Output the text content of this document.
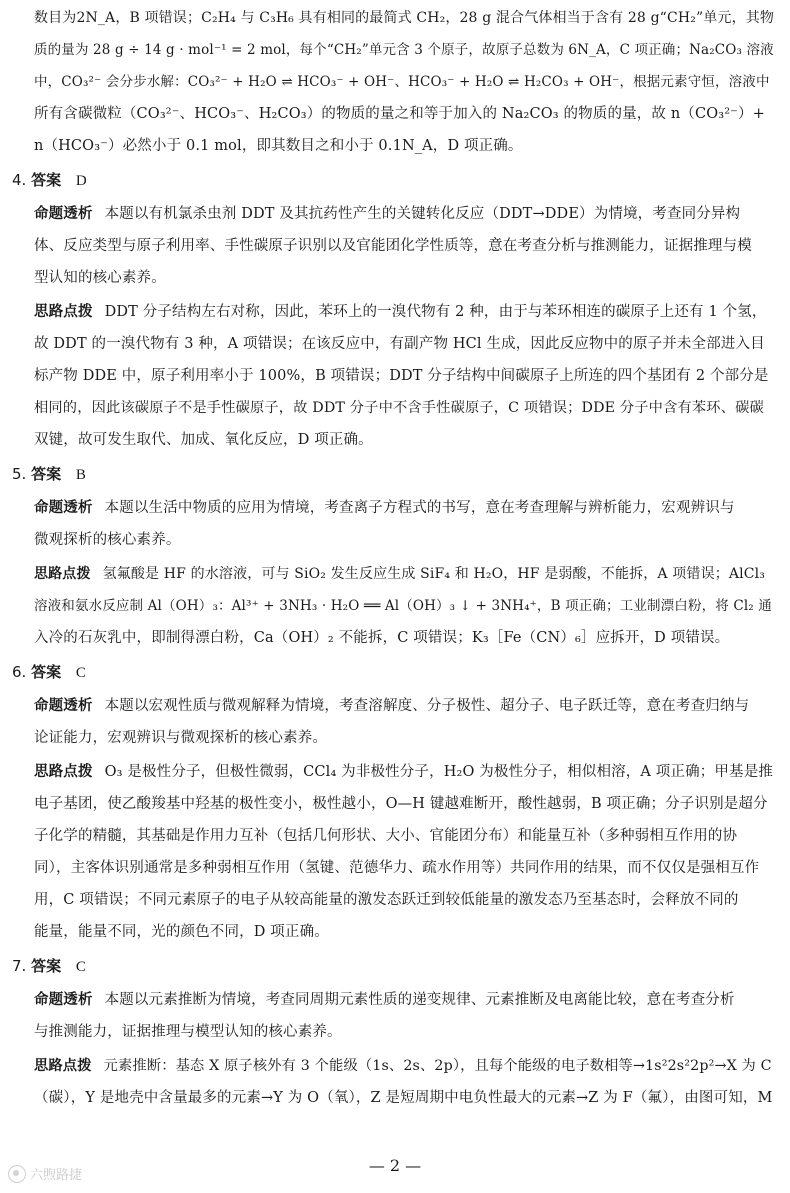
数目为2N_A，B 项错误；C₂H₄ 与 C₃H₆ 具有相同的最简式 CH₂，28 g 混合气体相当于含有 28 g“CH₂”单元，其物
质的量为 28 g ÷ 14 g · mol⁻¹ = 2 mol，每个“CH₂”单元含 3 个原子，故原子总数为 6N_A，C 项正确；Na₂CO₃ 溶液
中，CO₃²⁻ 会分步水解：CO₃²⁻ + H₂O ⇌ HCO₃⁻ + OH⁻、HCO₃⁻ + H₂O ⇌ H₂CO₃ + OH⁻，根据元素守恒，溶液中
所有含碳微粒（CO₃²⁻、HCO₃⁻、H₂CO₃）的物质的量之和等于加入的 Na₂CO₃ 的物质的量，故 n（CO₃²⁻）+
n（HCO₃⁻）必然小于 0.1 mol，即其数目之和小于 0.1N_A，D 项正确。
4. 答案 D
命题透析 本题以有机氯杀虫剂 DDT 及其抗药性产生的关键转化反应（DDT→DDE）为情境，考查同分异构
体、反应类型与原子利用率、手性碳原子识别以及官能团化学性质等，意在考查分析与推测能力，证据推理与模
型认知的核心素养。
思路点拨 DDT 分子结构左右对称，因此，苯环上的一溴代物有 2 种，由于与苯环相连的碳原子上还有 1 个氢，
故 DDT 的一溴代物有 3 种，A 项错误；在该反应中，有副产物 HCl 生成，因此反应物中的原子并未全部进入目
标产物 DDE 中，原子利用率小于 100%，B 项错误；DDT 分子结构中间碳原子上所连的四个基团有 2 个部分是
相同的，因此该碳原子不是手性碳原子，故 DDT 分子中不含手性碳原子，C 项错误；DDE 分子中含有苯环、碳碳
双键，故可发生取代、加成、氧化反应，D 项正确。
5. 答案 B
命题透析 本题以生活中物质的应用为情境，考查离子方程式的书写，意在考查理解与辨析能力，宏观辨识与
微观探析的核心素养。
思路点拨 氢氟酸是 HF 的水溶液，可与 SiO₂ 发生反应生成 SiF₄ 和 H₂O，HF 是弱酸，不能拆，A 项错误；AlCl₃
溶液和氨水反应制 Al（OH）₃：Al³⁺ + 3NH₃ · H₂O ══ Al（OH）₃ ↓ + 3NH₄⁺，B 项正确；工业制漂白粉，将 Cl₂ 通
入冷的石灰乳中，即制得漂白粉，Ca（OH）₂ 不能拆，C 项错误；K₃［Fe（CN）₆］应拆开，D 项错误。
6. 答案 C
命题透析 本题以宏观性质与微观解释为情境，考查溶解度、分子极性、超分子、电子跃迁等，意在考查归纳与
论证能力，宏观辨识与微观探析的核心素养。
思路点拨 O₃ 是极性分子，但极性微弱，CCl₄ 为非极性分子，H₂O 为极性分子，相似相溶，A 项正确；甲基是推
电子基团，使乙酸羧基中羟基的极性变小，极性越小，O—H 键越难断开，酸性越弱，B 项正确；分子识别是超分
子化学的精髓，其基础是作用力互补（包括几何形状、大小、官能团分布）和能量互补（多种弱相互作用的协
同），主客体识别通常是多种弱相互作用（氢键、范德华力、疏水作用等）共同作用的结果，而不仅仅是强相互作
用，C 项错误；不同元素原子的电子从较高能量的激发态跃迁到较低能量的激发态乃至基态时，会释放不同的
能量，能量不同，光的颜色不同，D 项正确。
7. 答案 C
命题透析 本题以元素推断为情境，考查同周期元素性质的递变规律、元素推断及电离能比较，意在考查分析
与推测能力，证据推理与模型认知的核心素养。
思路点拨 元素推断：基态 X 原子核外有 3 个能级（1s、2s、2p），且每个能级的电子数相等→1s²2s²2p²→X 为 C
（碳），Y 是地壳中含量最多的元素→Y 为 O（氧），Z 是短周期中电负性最大的元素→Z 为 F（氟），由图可知，M
— 2 —
六煦路捷
